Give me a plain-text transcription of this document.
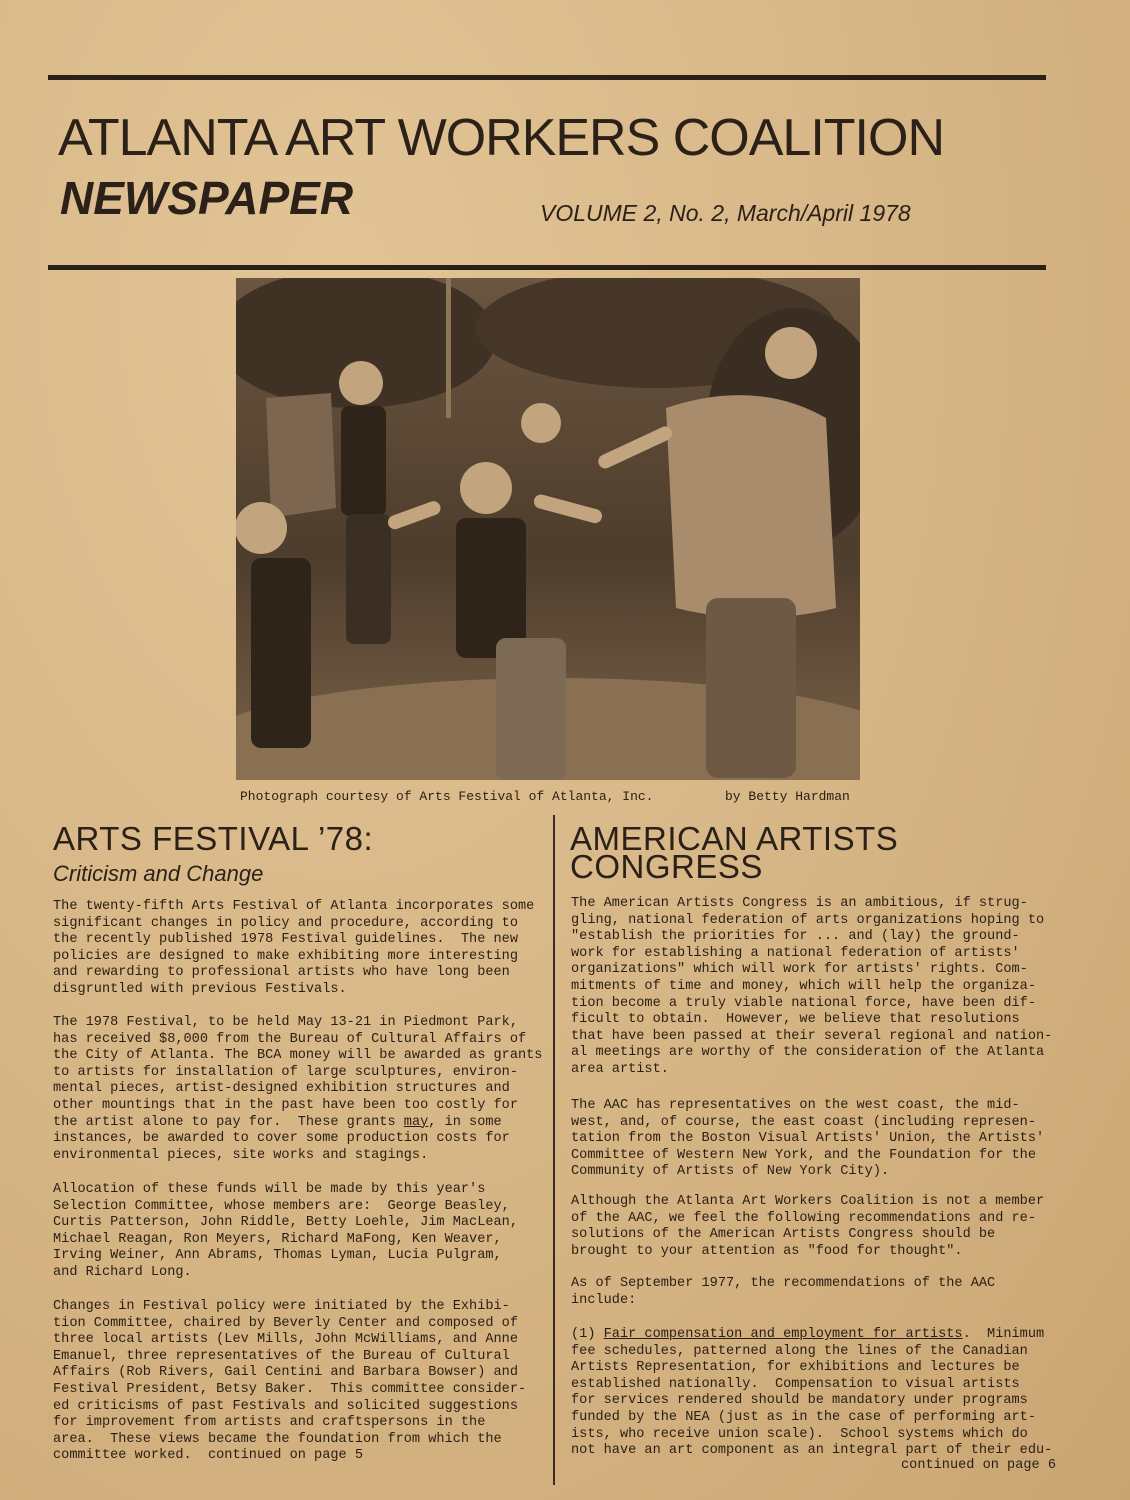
ATLANTA ART WORKERS COALITION
NEWSPAPER	VOLUME 2, No. 2, March/April 1978
Photograph courtesy of Arts Festival of Atlanta, Inc.	by Betty Hardman
ARTS FESTIVAL ’78:
Criticism and Change
The twenty-fifth Arts Festival of Atlanta incorporates some
significant changes in policy and procedure, according to
the recently published 1978 Festival guidelines.  The new
policies are designed to make exhibiting more interesting
and rewarding to professional artists who have long been
disgruntled with previous Festivals.
The 1978 Festival, to be held May 13-21 in Piedmont Park,
has received $8,000 from the Bureau of Cultural Affairs of
the City of Atlanta. The BCA money will be awarded as grants
to artists for installation of large sculptures, environ-
mental pieces, artist-designed exhibition structures and
other mountings that in the past have been too costly for
the artist alone to pay for.  These grants may, in some
instances, be awarded to cover some production costs for
environmental pieces, site works and stagings.
Allocation of these funds will be made by this year's
Selection Committee, whose members are:  George Beasley,
Curtis Patterson, John Riddle, Betty Loehle, Jim MacLean,
Michael Reagan, Ron Meyers, Richard MaFong, Ken Weaver,
Irving Weiner, Ann Abrams, Thomas Lyman, Lucia Pulgram,
and Richard Long.
Changes in Festival policy were initiated by the Exhibi-
tion Committee, chaired by Beverly Center and composed of
three local artists (Lev Mills, John McWilliams, and Anne
Emanuel, three representatives of the Bureau of Cultural
Affairs (Rob Rivers, Gail Centini and Barbara Bowser) and
Festival President, Betsy Baker.  This committee consider-
ed criticisms of past Festivals and solicited suggestions
for improvement from artists and craftspersons in the
area.  These views became the foundation from which the
committee worked.  continued on page 5
AMERICAN ARTISTS
CONGRESS
The American Artists Congress is an ambitious, if strug-
gling, national federation of arts organizations hoping to
"establish the priorities for ... and (lay) the ground-
work for establishing a national federation of artists'
organizations" which will work for artists' rights. Com-
mitments of time and money, which will help the organiza-
tion become a truly viable national force, have been dif-
ficult to obtain.  However, we believe that resolutions
that have been passed at their several regional and nation-
al meetings are worthy of the consideration of the Atlanta
area artist.
The AAC has representatives on the west coast, the mid-
west, and, of course, the east coast (including represen-
tation from the Boston Visual Artists' Union, the Artists'
Committee of Western New York, and the Foundation for the
Community of Artists of New York City).
Although the Atlanta Art Workers Coalition is not a member
of the AAC, we feel the following recommendations and re-
solutions of the American Artists Congress should be
brought to your attention as "food for thought".
As of September 1977, the recommendations of the AAC
include:
(1) Fair compensation and employment for artists.  Minimum
fee schedules, patterned along the lines of the Canadian
Artists Representation, for exhibitions and lectures be
established nationally.  Compensation to visual artists
for services rendered should be mandatory under programs
funded by the NEA (just as in the case of performing art-
ists, who receive union scale).  School systems which do
not have an art component as an integral part of their edu-
continued on page 6
